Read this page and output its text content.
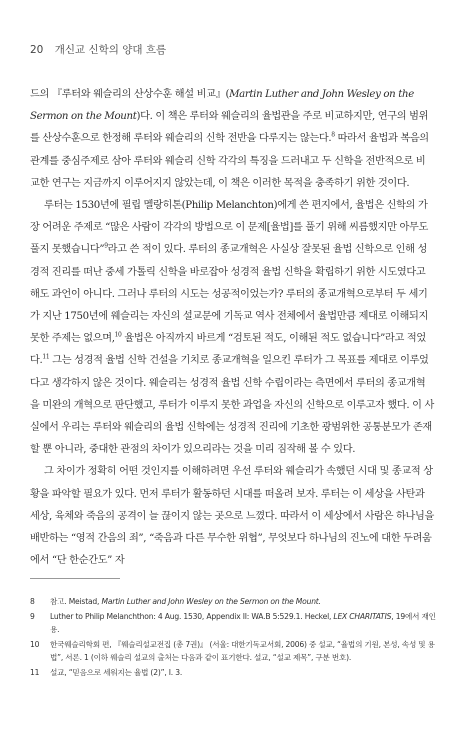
20 개신교 신학의 양대 흐름

드의 『루터와 웨슬리의 산상수훈 해설 비교』(Martin Luther and John Wesley on the Sermon on the Mount)다. 이 책은 루터와 웨슬리의 율법관을 주로 비교하지만, 연구의 범위를 산상수훈으로 한정해 루터와 웨슬리의 신학 전반을 다루지는 않는다.$^8$ 따라서 율법과 복음의 관계를 중심주제로 삼아 루터와 웨슬리 신학 각각의 특징을 드러내고 두 신학을 전반적으로 비교한 연구는 지금까지 이루어지지 않았는데, 이 책은 이러한 목적을 충족하기 위한 것이다.

루터는 1530년에 필립 멜랑히톤(Philip Melanchton)에게 쓴 편지에서, 율법은 신학의 가장 어려운 주제로 “많은 사람이 각각의 방법으로 이 문제[율법]를 풀기 위해 씨름했지만 아무도 풀지 못했습니다”$^9$라고 쓴 적이 있다. 루터의 종교개혁은 사실상 잘못된 율법 신학으로 인해 성경적 진리를 떠난 중세 가톨릭 신학을 바로잡아 성경적 율법 신학을 확립하기 위한 시도였다고 해도 과언이 아니다. 그러나 루터의 시도는 성공적이었는가? 루터의 종교개혁으로부터 두 세기가 지난 1750년에 웨슬리는 자신의 설교문에 기독교 역사 전체에서 율법만큼 제대로 이해되지 못한 주제는 없으며,$^{10}$ 율법은 아직까지 바르게 “검토된 적도, 이해된 적도 없습니다”라고 적었다.$^{11}$ 그는 성경적 율법 신학 건설을 기치로 종교개혁을 일으킨 루터가 그 목표를 제대로 이루었다고 생각하지 않은 것이다. 웨슬리는 성경적 율법 신학 수립이라는 측면에서 루터의 종교개혁을 미완의 개혁으로 판단했고, 루터가 이루지 못한 과업을 자신의 신학으로 이루고자 했다. 이 사실에서 우리는 루터와 웨슬리의 율법 신학에는 성경적 진리에 기초한 광범위한 공통분모가 존재할 뿐 아니라, 중대한 관점의 차이가 있으리라는 것을 미리 짐작해 볼 수 있다.

그 차이가 정확히 어떤 것인지를 이해하려면 우선 루터와 웨슬리가 속했던 시대 및 종교적 상황을 파악할 필요가 있다. 먼저 루터가 활동하던 시대를 떠올려 보자. 루터는 이 세상을 사탄과 세상, 육체와 죽음의 공격이 늘 끊이지 않는 곳으로 느꼈다. 따라서 이 세상에서 사람은 하나님을 배반하는 “영적 간음의 죄”, “죽음과 다른 무수한 위협”, 무엇보다 하나님의 진노에 대한 두려움에서 “단 한순간도” 자

8 참고. Meistad, Martin Luther and John Wesley on the Sermon on the Mount.
9 Luther to Philip Melanchthon: 4 Aug. 1530, Appendix II: WA.B 5:529.1. Heckel, LEX CHARITATIS, 19에서 재인용.
10 한국웨슬리학회 편, 『웨슬리설교전집 (총 7권)』 (서울: 대한기독교서회, 2006) 중 설교, “율법의 기원, 본성, 속성 및 용법”, 서론. 1 (이하 웨슬리 설교의 출처는 다음과 같이 표기한다. 설교, “설교 제목”, 구분 번호).
11 설교, “믿음으로 세워지는 율법 (2)”, I. 3.
